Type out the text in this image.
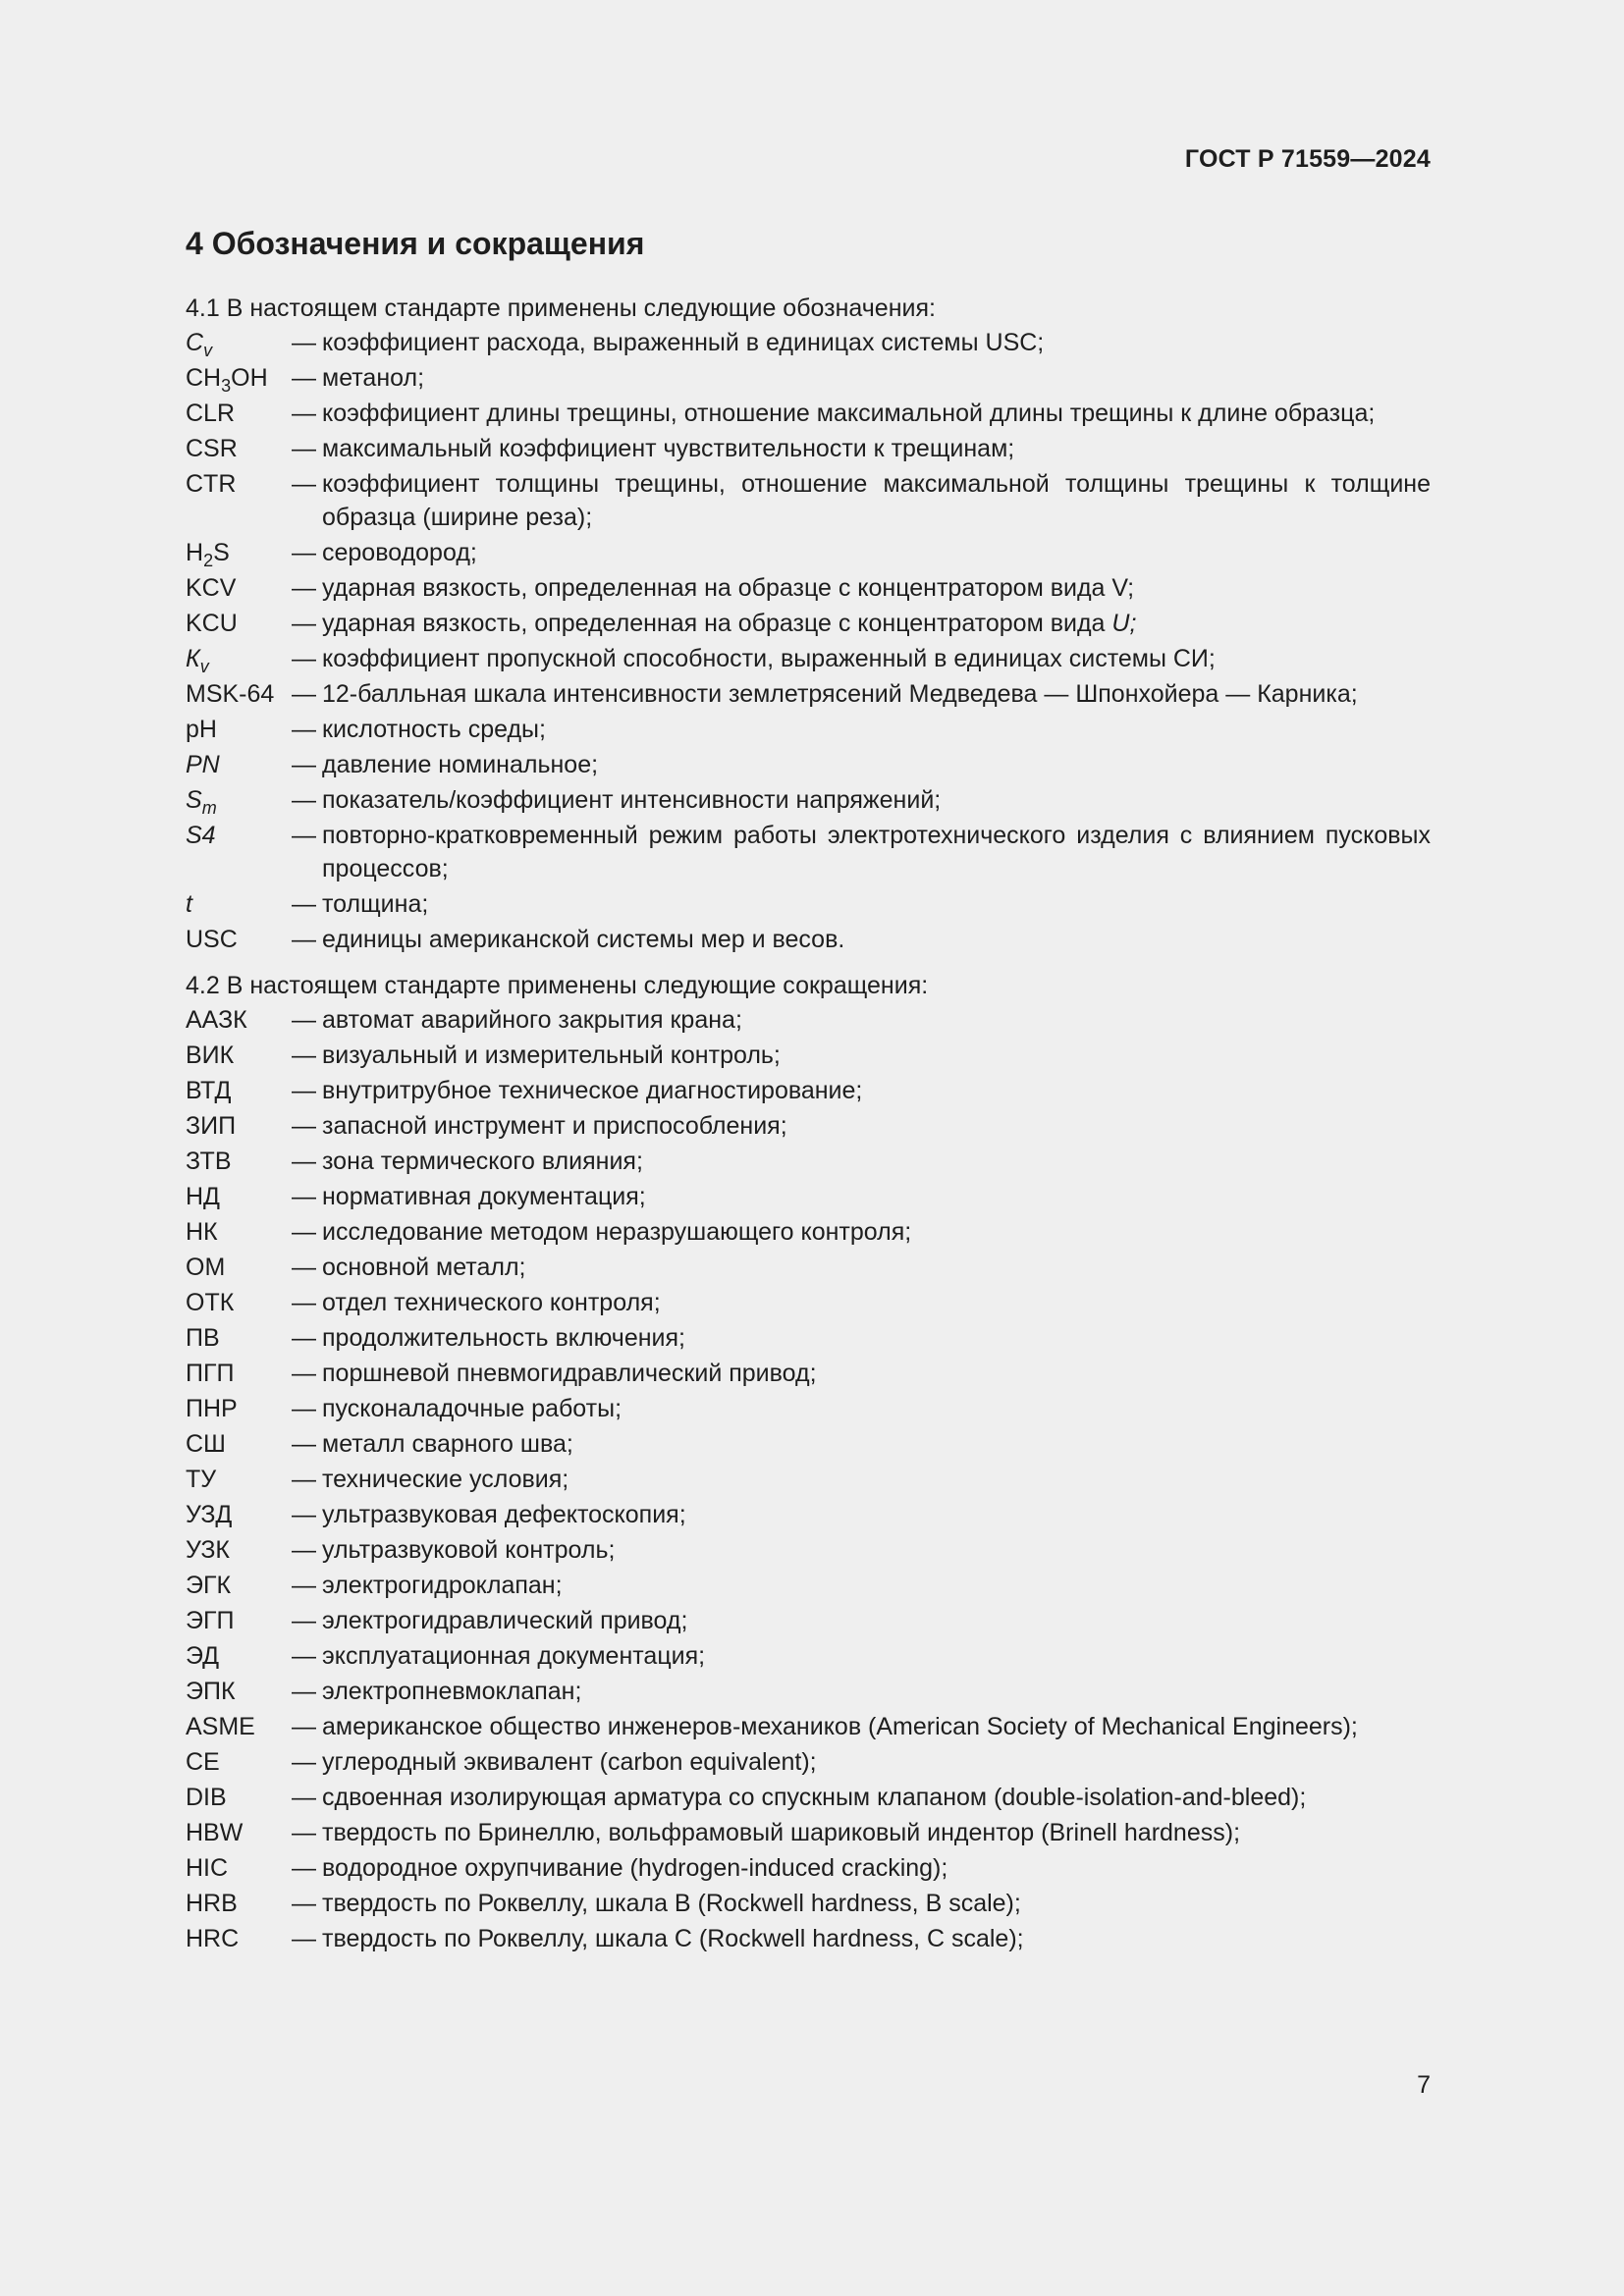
ГОСТ Р 71559—2024
4 Обозначения и сокращения

4.1 В настоящем стандарте применены следующие обозначения:

$C_v$	— коэффициент расхода, выраженный в единицах системы USC;
$CH_3OH$ — метанол;
CLR	— коэффициент длины трещины, отношение максимальной длины трещины к длине образца;
CSR	— максимальный коэффициент чувствительности к трещинам;
CTR	— коэффициент толщины трещины, отношение максимальной толщины трещины к толщине образца (ширине реза);
$H_2S$	— сероводород;
KCV	— ударная вязкость, определенная на образце с концентратором вида V;
KCU	— ударная вязкость, определенная на образце с концентратором вида U;
$К_v$	— коэффициент пропускной способности, выраженный в единицах системы СИ;
MSK-64 — 12-балльная шкала интенсивности землетрясений Медведева — Шпонхойера — Карника;
pH	— кислотность среды;
PN	— давление номинальное;
$S_m$	— показатель/коэффициент интенсивности напряжений;
S4	— повторно-кратковременный режим работы электротехнического изделия с влиянием пусковых процессов;
t	— толщина;
USC	— единицы американской системы мер и весов.

4.2 В настоящем стандарте применены следующие сокращения:

ААЗК	— автомат аварийного закрытия крана;
ВИК	— визуальный и измерительный контроль;
ВТД	— внутритрубное техническое диагностирование;
ЗИП	— запасной инструмент и приспособления;
ЗТВ	— зона термического влияния;
НД	— нормативная документация;
НК	— исследование методом неразрушающего контроля;
ОМ	— основной металл;
ОТК	— отдел технического контроля;
ПВ	— продолжительность включения;
ПГП	— поршневой пневмогидравлический привод;
ПНР	— пусконаладочные работы;
СШ	— металл сварного шва;
ТУ	— технические условия;
УЗД	— ультразвуковая дефектоскопия;
УЗК	— ультразвуковой контроль;
ЭГК	— электрогидроклапан;
ЭГП	— электрогидравлический привод;
ЭД	— эксплуатационная документация;
ЭПК	— электропневмоклапан;
ASME	— американское общество инженеров-механиков (American Society of Mechanical Engineers);
CE	— углеродный эквивалент (carbon equivalent);
DIB	— сдвоенная изолирующая арматура со спускным клапаном (double-isolation-and-bleed);
HBW	— твердость по Бринеллю, вольфрамовый шариковый индентор (Brinell hardness);
HIC	— водородное охрупчивание (hydrogen-induced cracking);
HRB	— твердость по Роквеллу, шкала В (Rockwell hardness, B scale);
HRC	— твердость по Роквеллу, шкала С (Rockwell hardness, C scale);
7
